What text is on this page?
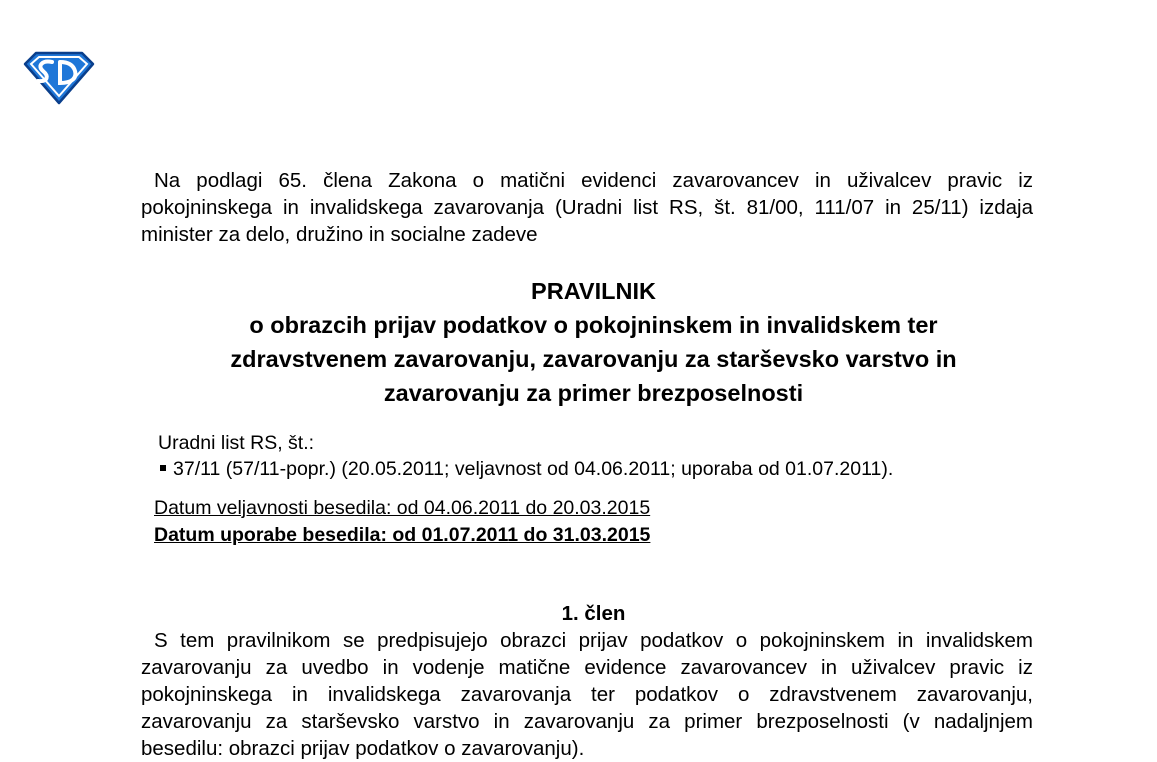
Na podlagi 65. člena Zakona o matični evidenci zavarovancev in uživalcev pravic iz pokojninskega in invalidskega zavarovanja (Uradni list RS, št. 81/00, 111/07 in 25/11) izdaja minister za delo, družino in socialne zadeve
PRAVILNIK
o obrazcih prijav podatkov o pokojninskem in invalidskem ter
zdravstvenem zavarovanju, zavarovanju za starševsko varstvo in
zavarovanju za primer brezposelnosti
Uradni list RS, št.:
37/11 (57/11-popr.) (20.05.2011; veljavnost od 04.06.2011; uporaba od 01.07.2011).
Datum veljavnosti besedila: od 04.06.2011 do 20.03.2015
Datum uporabe besedila: od 01.07.2011 do 31.03.2015
1. člen
S tem pravilnikom se predpisujejo obrazci prijav podatkov o pokojninskem in invalidskem zavarovanju za uvedbo in vodenje matične evidence zavarovancev in uživalcev pravic iz pokojninskega in invalidskega zavarovanja ter podatkov o zdravstvenem zavarovanju, zavarovanju za starševsko varstvo in zavarovanju za primer brezposelnosti (v nadaljnjem besedilu: obrazci prijav podatkov o zavarovanju).
